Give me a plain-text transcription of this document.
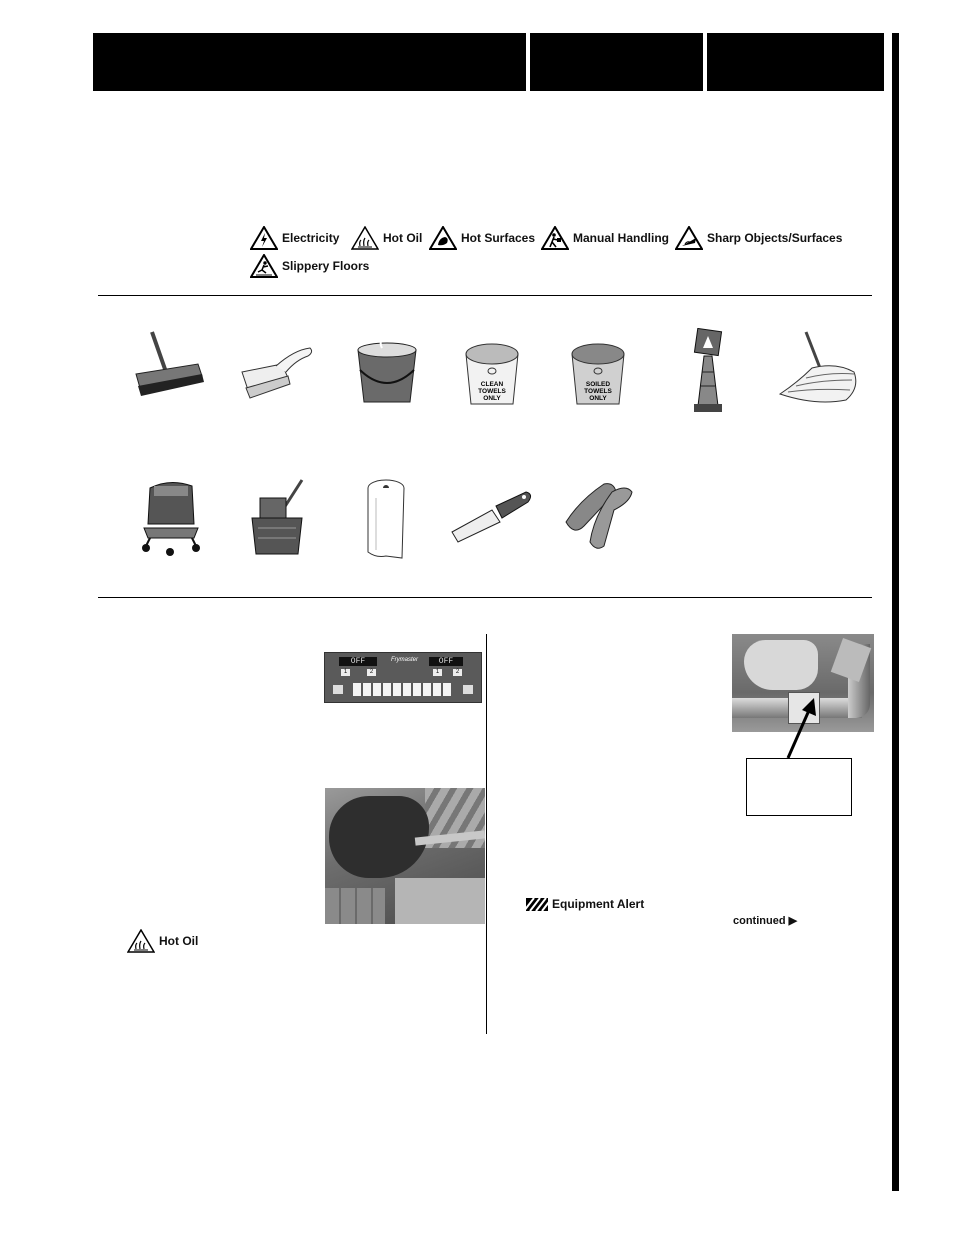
Electricity	Hot Oil	Hot Surfaces	Manual Handling	Sharp Objects/Surfaces
Slippery Floors
CLEAN
TOWELS
ONLY
SOILED
TOWELS
ONLY
OFF	Frymaster	OFF
1	2	1	2
Hot Oil
Equipment Alert
continued ▶
